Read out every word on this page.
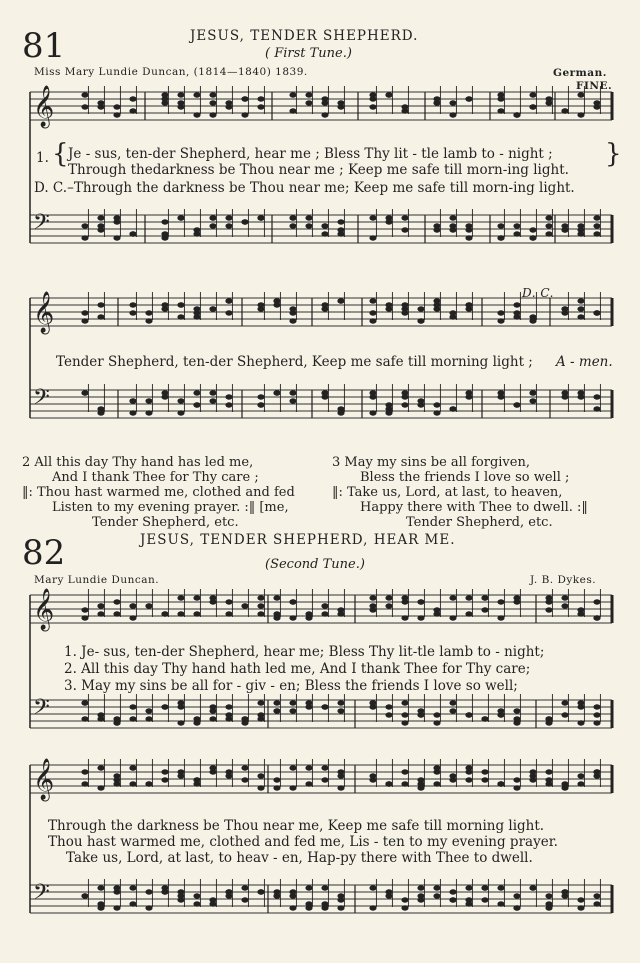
𝄞
𝄢
𝄞
𝄢
𝄞
𝄢
𝄞
𝄢
81	JESUS, TENDER SHEPHERD.
( First Tune.)
Miss Mary Lundie Duncan, (1814—1840) 1839.	German.
FINE.
1. { Je - sus, ten-der Shepherd, hear me ; Bless Thy lit - tle lamb to - night ;
Through thedarkness be Thou near me ; Keep me safe till morn-ing light.
}
D. C.–Through the darkness be Thou near me; Keep me safe till morn-ing light.
D. C.
Tender Shepherd, ten-der Shepherd, Keep me safe till morning light ; A - men.
2 All this day Thy hand has led me,
And I thank Thee for Thy care ;
‖: Thou hast warmed me, clothed and fed
Listen to my evening prayer. :‖ [me,
Tender Shepherd, etc.
3 May my sins be all forgiven,
Bless the friends I love so well ;
‖: Take us, Lord, at last, to heaven,
Happy there with Thee to dwell. :‖
Tender Shepherd, etc.
82	JESUS, TENDER SHEPHERD, HEAR ME.
(Second Tune.)
Mary Lundie Duncan.	J. B. Dykes.
1. Je- sus, ten-der Shepherd, hear me; Bless Thy lit-tle lamb to - night;
2. All this day Thy hand hath led me, And I thank Thee for Thy care;
3. May my sins be all for - giv - en; Bless the friends I love so well;
Through the darkness be Thou near me, Keep me safe till morning light.
Thou hast warmed me, clothed and fed me, Lis - ten to my evening prayer.
Take us, Lord, at last, to heav - en, Hap-py there with Thee to dwell.
